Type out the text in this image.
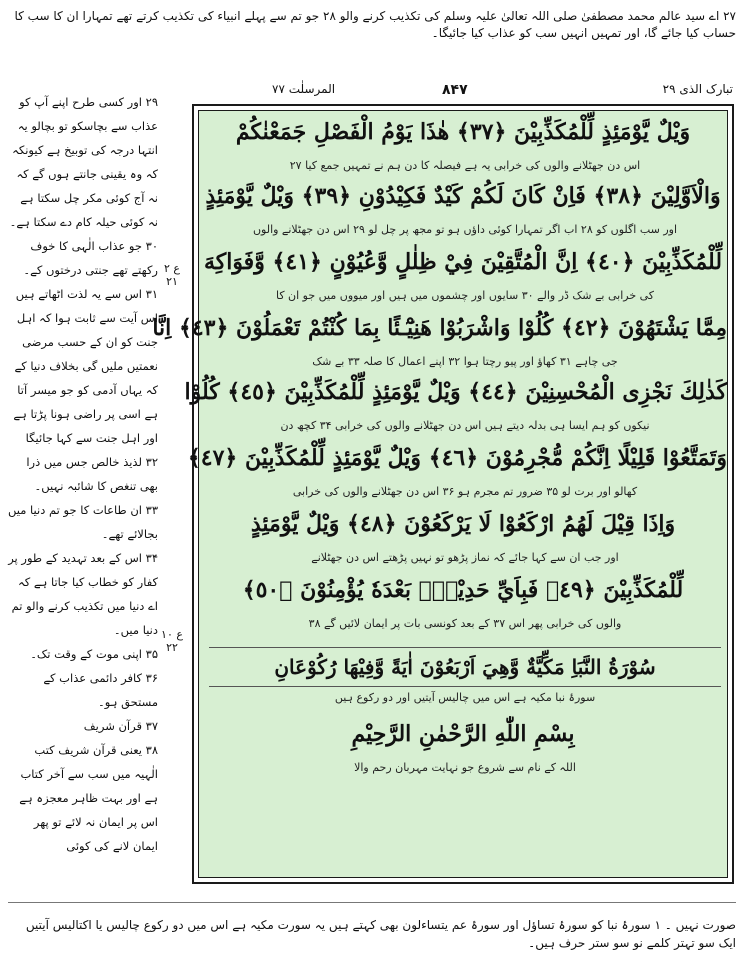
٢٧ اے سید عالم محمد مصطفیٰ صلی اللہ تعالیٰ علیہ وسلم کی تکذیب کرنے والو ۲۸ جو تم سے پہلے انبیاء کی تکذیب کرتے تھے تمہارا ان کا سب کا حساب کیا جائے گا، اور تمہیں انہیں سب کو عذاب کیا جائیگا۔

۲۹ اور کسی طرح اپنے آپ کو عذاب سے بچاسکو تو بچالو یہ انتہا درجہ کی توبیخ ہے کیونکہ کہ وہ یقینی جانتے ہوں گے کہ نہ آج کوئی مکر چل سکتا ہے نہ کوئی حیلہ کام دے سکتا ہے۔

۳۰ جو عذاب الٰہی کا خوف رکھتے تھے جنتی درختوں کے۔

۳۱ اس سے یہ لذت اٹھاتے ہیں اس آیت سے ثابت ہوا کہ اہل جنت کو ان کے حسب مرضی نعمتیں ملیں گی بخلاف دنیا کے کہ یہاں آدمی کو جو میسر آتا ہے اسی پر راضی ہونا پڑتا ہے اور اہل جنت سے کہا جائیگا

۳۲ لذیذ خالص جس میں ذرا بھی تنغص کا شائبہ نہیں۔

۳۳ ان طاعات کا جو تم دنیا میں بجالائے تھے۔

۳۴ اس کے بعد تہدید کے طور پر کفار کو خطاب کیا جاتا ہے کہ اے دنیا میں تکذیب کرنے والو تم دنیا میں۔

۳۵ اپنی موت کے وقت تک۔

۳۶ کافر دائمی عذاب کے مستحق ہو۔

۳۷ قرآن شریف

۳۸ یعنی قرآن شریف کتب الٰہیہ میں سب سے آخر کتاب ہے اور بہت ظاہر معجزہ ہے اس پر ایمان نہ لائے تو پھر ایمان لانے کی کوئی

ع ۲ ۲۱
ع ۱۰ ۲۲
تبارک الذی ۲۹
۸۴۷
المرسلٰت ۷۷
وَيْلٌ يَّوْمَئِذٍ لِّلْمُكَذِّبِيْنَ ﴿٣٧﴾ هٰذَا يَوْمُ الْفَصْلِ جَمَعْنٰكُمْ
اس دن جھٹلانے والوں کی خرابی یہ ہے فیصلہ کا دن ہم نے تمہیں جمع کیا ۲۷
وَالْاَوَّلِيْنَ ﴿٣٨﴾ فَاِنْ كَانَ لَكُمْ كَيْدٌ فَكِيْدُوْنِ ﴿٣٩﴾ وَيْلٌ يَّوْمَئِذٍ
اور سب اگلوں کو ۲۸ اب اگر تمہارا کوئی داؤں ہو تو مجھ پر چل لو ۲۹ اس دن جھٹلانے والوں
لِّلْمُكَذِّبِيْنَ ﴿٤٠﴾ اِنَّ الْمُتَّقِيْنَ فِيْ ظِلٰلٍ وَّعُيُوْنٍ ﴿٤١﴾ وَّفَوَاكِهَ
کی خرابی بے شک ڈر والے ۳۰ سایوں اور چشموں میں ہیں اور میووں میں جو ان کا
مِمَّا يَشْتَهُوْنَ ﴿٤٢﴾ كُلُوْا وَاشْرَبُوْا هَنِيْٓـئًا بِمَا كُنْتُمْ تَعْمَلُوْنَ ﴿٤٣﴾ اِنَّا
جی چاہے ۳۱ کھاؤ اور پیو رچتا ہوا ۳۲ اپنے اعمال کا صلہ ۳۳ بے شک
كَذٰلِكَ نَجْزِى الْمُحْسِنِيْنَ ﴿٤٤﴾ وَيْلٌ يَّوْمَئِذٍ لِّلْمُكَذِّبِيْنَ ﴿٤٥﴾ كُلُوْا
نیکوں کو ہم ایسا ہی بدلہ دیتے ہیں اس دن جھٹلانے والوں کی خرابی ۳۴ کچھ دن
وَتَمَتَّعُوْا قَلِيْلًا اِنَّكُمْ مُّجْرِمُوْنَ ﴿٤٦﴾ وَيْلٌ يَّوْمَئِذٍ لِّلْمُكَذِّبِيْنَ ﴿٤٧﴾
کھالو اور برت لو ۳۵ ضرور تم مجرم ہو ۳۶ اس دن جھٹلانے والوں کی خرابی
وَاِذَا قِيْلَ لَهُمُ ارْكَعُوْا لَا يَرْكَعُوْنَ ﴿٤٨﴾ وَيْلٌ يَّوْمَئِذٍ
اور جب ان سے کہا جائے کہ نماز پڑھو تو نہیں پڑھتے اس دن جھٹلانے
لِّلْمُكَذِّبِيْنَ ﴿٤٩﴾ فَبِاَيِّ حَدِيْثٍۭ بَعْدَهٗ يُؤْمِنُوْنَ ﴿٥٠﴾
والوں کی خرابی پھر اس ۳۷ کے بعد کونسی بات پر ایمان لائیں گے ۳۸
سُوْرَةُ النَّبَاِ مَكِّيَّةٌ وَّهِيَ اَرْبَعُوْنَ اٰيَةً وَّفِيْهَا رُكُوْعَانِ
سورۂ نبا مکیہ ہے اس میں چالیس آیتیں اور دو رکوع ہیں
بِسْمِ اللّٰهِ الرَّحْمٰنِ الرَّحِيْمِ
اللہ کے نام سے شروع جو نہایت مہربان رحم والا
صورت نہیں ۔ ۱ سورۂ نبا کو سورۂ تساؤل اور سورۂ عم یتساءلون بھی کہتے ہیں یہ سورت مکیہ ہے اس میں دو رکوع چالیس یا اکتالیس آیتیں ایک سو تہتر کلمے نو سو ستر حرف ہیں۔
